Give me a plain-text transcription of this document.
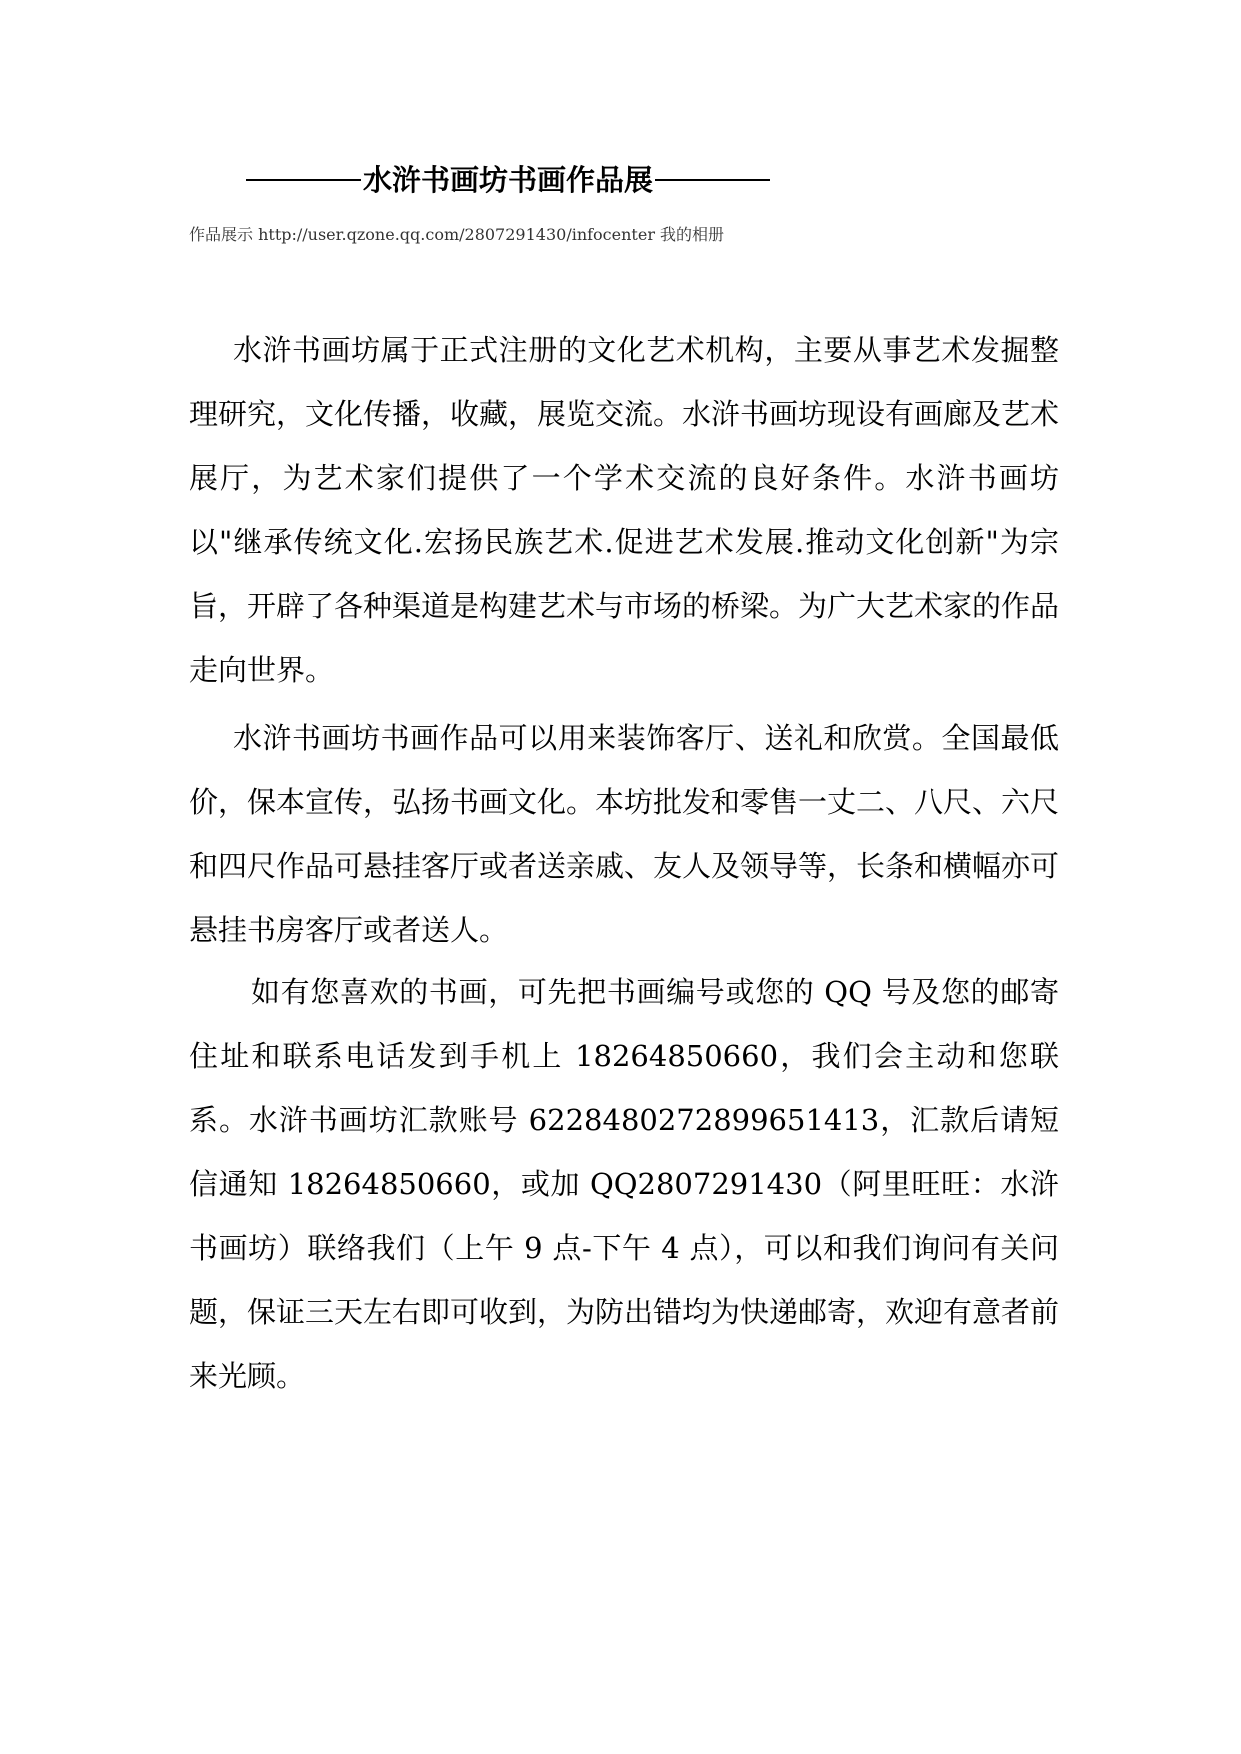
水浒书画坊书画作品展
作品展示 http://user.qzone.qq.com/2807291430/infocenter 我的相册

水浒书画坊属于正式注册的文化艺术机构，主要从事艺术发掘整理研究，文化传播，收藏，展览交流。水浒书画坊现设有画廊及艺术展厅，为艺术家们提供了一个学术交流的良好条件。水浒书画坊以"继承传统文化.宏扬民族艺术.促进艺术发展.推动文化创新"为宗旨，开辟了各种渠道是构建艺术与市场的桥梁。为广大艺术家的作品走向世界。

水浒书画坊书画作品可以用来装饰客厅、送礼和欣赏。全国最低价，保本宣传，弘扬书画文化。本坊批发和零售一丈二、八尺、六尺和四尺作品可悬挂客厅或者送亲戚、友人及领导等，长条和横幅亦可悬挂书房客厅或者送人。

如有您喜欢的书画，可先把书画编号或您的 QQ 号及您的邮寄住址和联系电话发到手机上 18264850660，我们会主动和您联系。水浒书画坊汇款账号 6228480272899651413，汇款后请短信通知 18264850660，或加 QQ2807291430（阿里旺旺：水浒书画坊）联络我们（上午 9 点-下午 4 点），可以和我们询问有关问题，保证三天左右即可收到，为防出错均为快递邮寄，欢迎有意者前来光顾。
